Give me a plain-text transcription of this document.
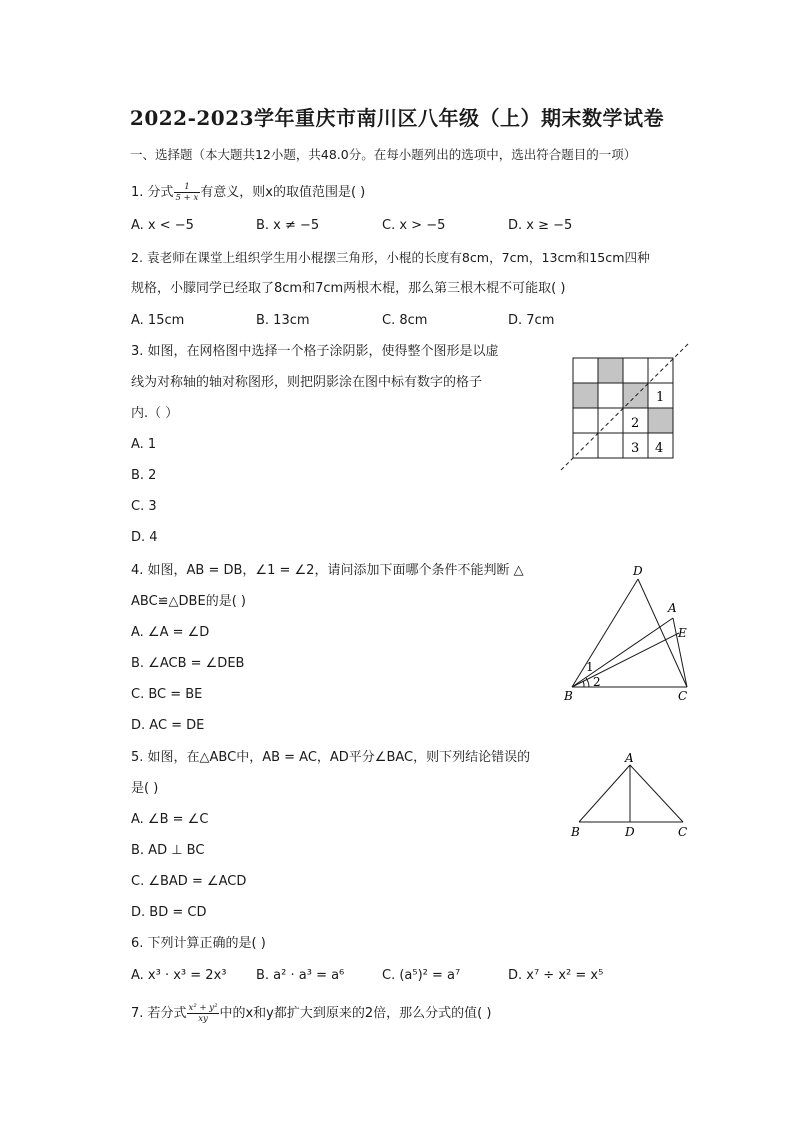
2022-2023学年重庆市南川区八年级（上）期末数学试卷
一、选择题（本大题共12小题，共48.0分。在每小题列出的选项中，选出符合题目的一项）
1. 分式 $\frac{1}{5 + x}$ 有意义，则x的取值范围是( )
A. x < −5	B. x ≠ −5	C. x > −5	D. x ≥ −5
2. 袁老师在课堂上组织学生用小棍摆三角形，小棍的长度有8cm，7cm，13cm和15cm四种
规格，小朦同学已经取了8cm和7cm两根木棍，那么第三根木棍不可能取( )
A. 15cm	B. 13cm	C. 8cm	D. 7cm
3. 如图，在网格图中选择一个格子涂阴影，使得整个图形是以虚
线为对称轴的轴对称图形，则把阴影涂在图中标有数字的格子
内.（ ）
A. 1
B. 2
C. 3
D. 4
1
2
3 4
4. 如图，AB = DB，∠1 = ∠2，请问添加下面哪个条件不能判断 △
ABC≌△DBE的是( )
A. ∠A = ∠D
B. ∠ACB = ∠DEB
C. BC = BE
D. AC = DE
D
A
E
B	C
1
2
5. 如图，在△ABC中，AB = AC，AD平分∠BAC，则下列结论错误的
是( )
A. ∠B = ∠C
B. AD ⊥ BC
C. ∠BAD = ∠ACD
D. BD = CD
A
B	D	C
6. 下列计算正确的是( )
A. x³ · x³ = 2x³ B. a² · a³ = a⁶	C. (a⁵)² = a⁷	D. x⁷ ÷ x² = x⁵
7. 若分式 $\frac{\text{x² + y²}}{xy}$ 中的x和y都扩大到原来的2倍，那么分式的值( )
